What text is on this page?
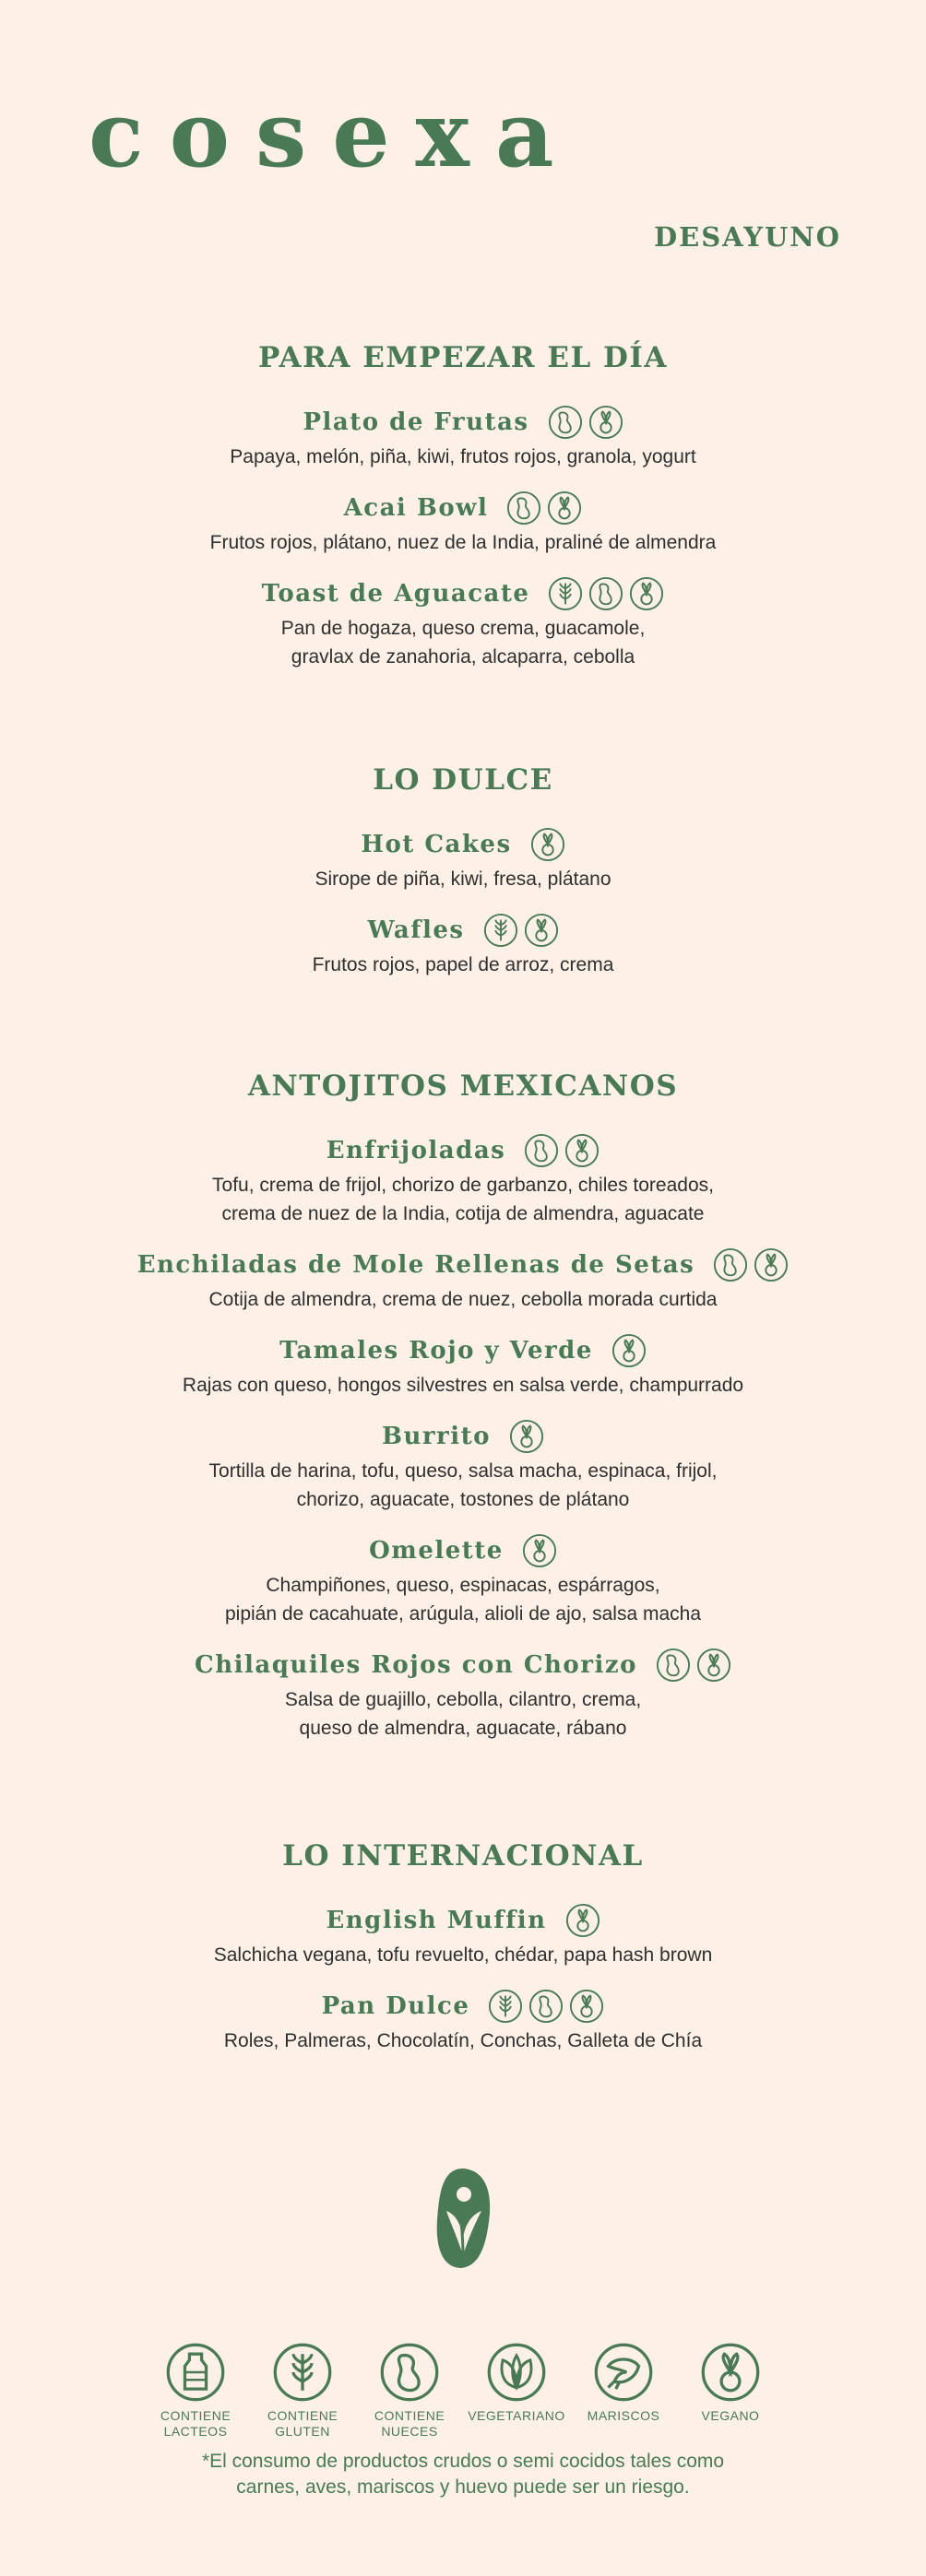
cosexa
DESAYUNO
PARA EMPEZAR EL DÍA
Plato de Frutas

Papaya, melón, piña, kiwi, frutos rojos, granola, yogurt

Acai Bowl

Frutos rojos, plátano, nuez de la India, praliné de almendra

Toast de Aguacate

Pan de hogaza, queso crema, guacamole,

gravlax de zanahoria, alcaparra, cebolla

LO DULCE
Hot Cakes

Sirope de piña, kiwi, fresa, plátano

Wafles

Frutos rojos, papel de arroz, crema

ANTOJITOS MEXICANOS
Enfrijoladas

Tofu, crema de frijol, chorizo de garbanzo, chiles toreados,

crema de nuez de la India, cotija de almendra, aguacate

Enchiladas de Mole Rellenas de Setas

Cotija de almendra, crema de nuez, cebolla morada curtida

Tamales Rojo y Verde

Rajas con queso, hongos silvestres en salsa verde, champurrado

Burrito

Tortilla de harina, tofu, queso, salsa macha, espinaca, frijol,

chorizo, aguacate, tostones de plátano

Omelette

Champiñones, queso, espinacas, espárragos,

pipián de cacahuate, arúgula, alioli de ajo, salsa macha

Chilaquiles Rojos con Chorizo

Salsa de guajillo, cebolla, cilantro, crema,

queso de almendra, aguacate, rábano

LO INTERNACIONAL
English Muffin

Salchicha vegana, tofu revuelto, chédar, papa hash brown

Pan Dulce

Roles, Palmeras, Chocolatín, Conchas, Galleta de Chía

CONTIENE
LACTEOS
CONTIENE
GLUTEN
CONTIENE
NUECES
VEGETARIANO	MARISCOS	VEGANO
*El consumo de productos crudos o semi cocidos tales como
carnes, aves, mariscos y huevo puede ser un riesgo.
